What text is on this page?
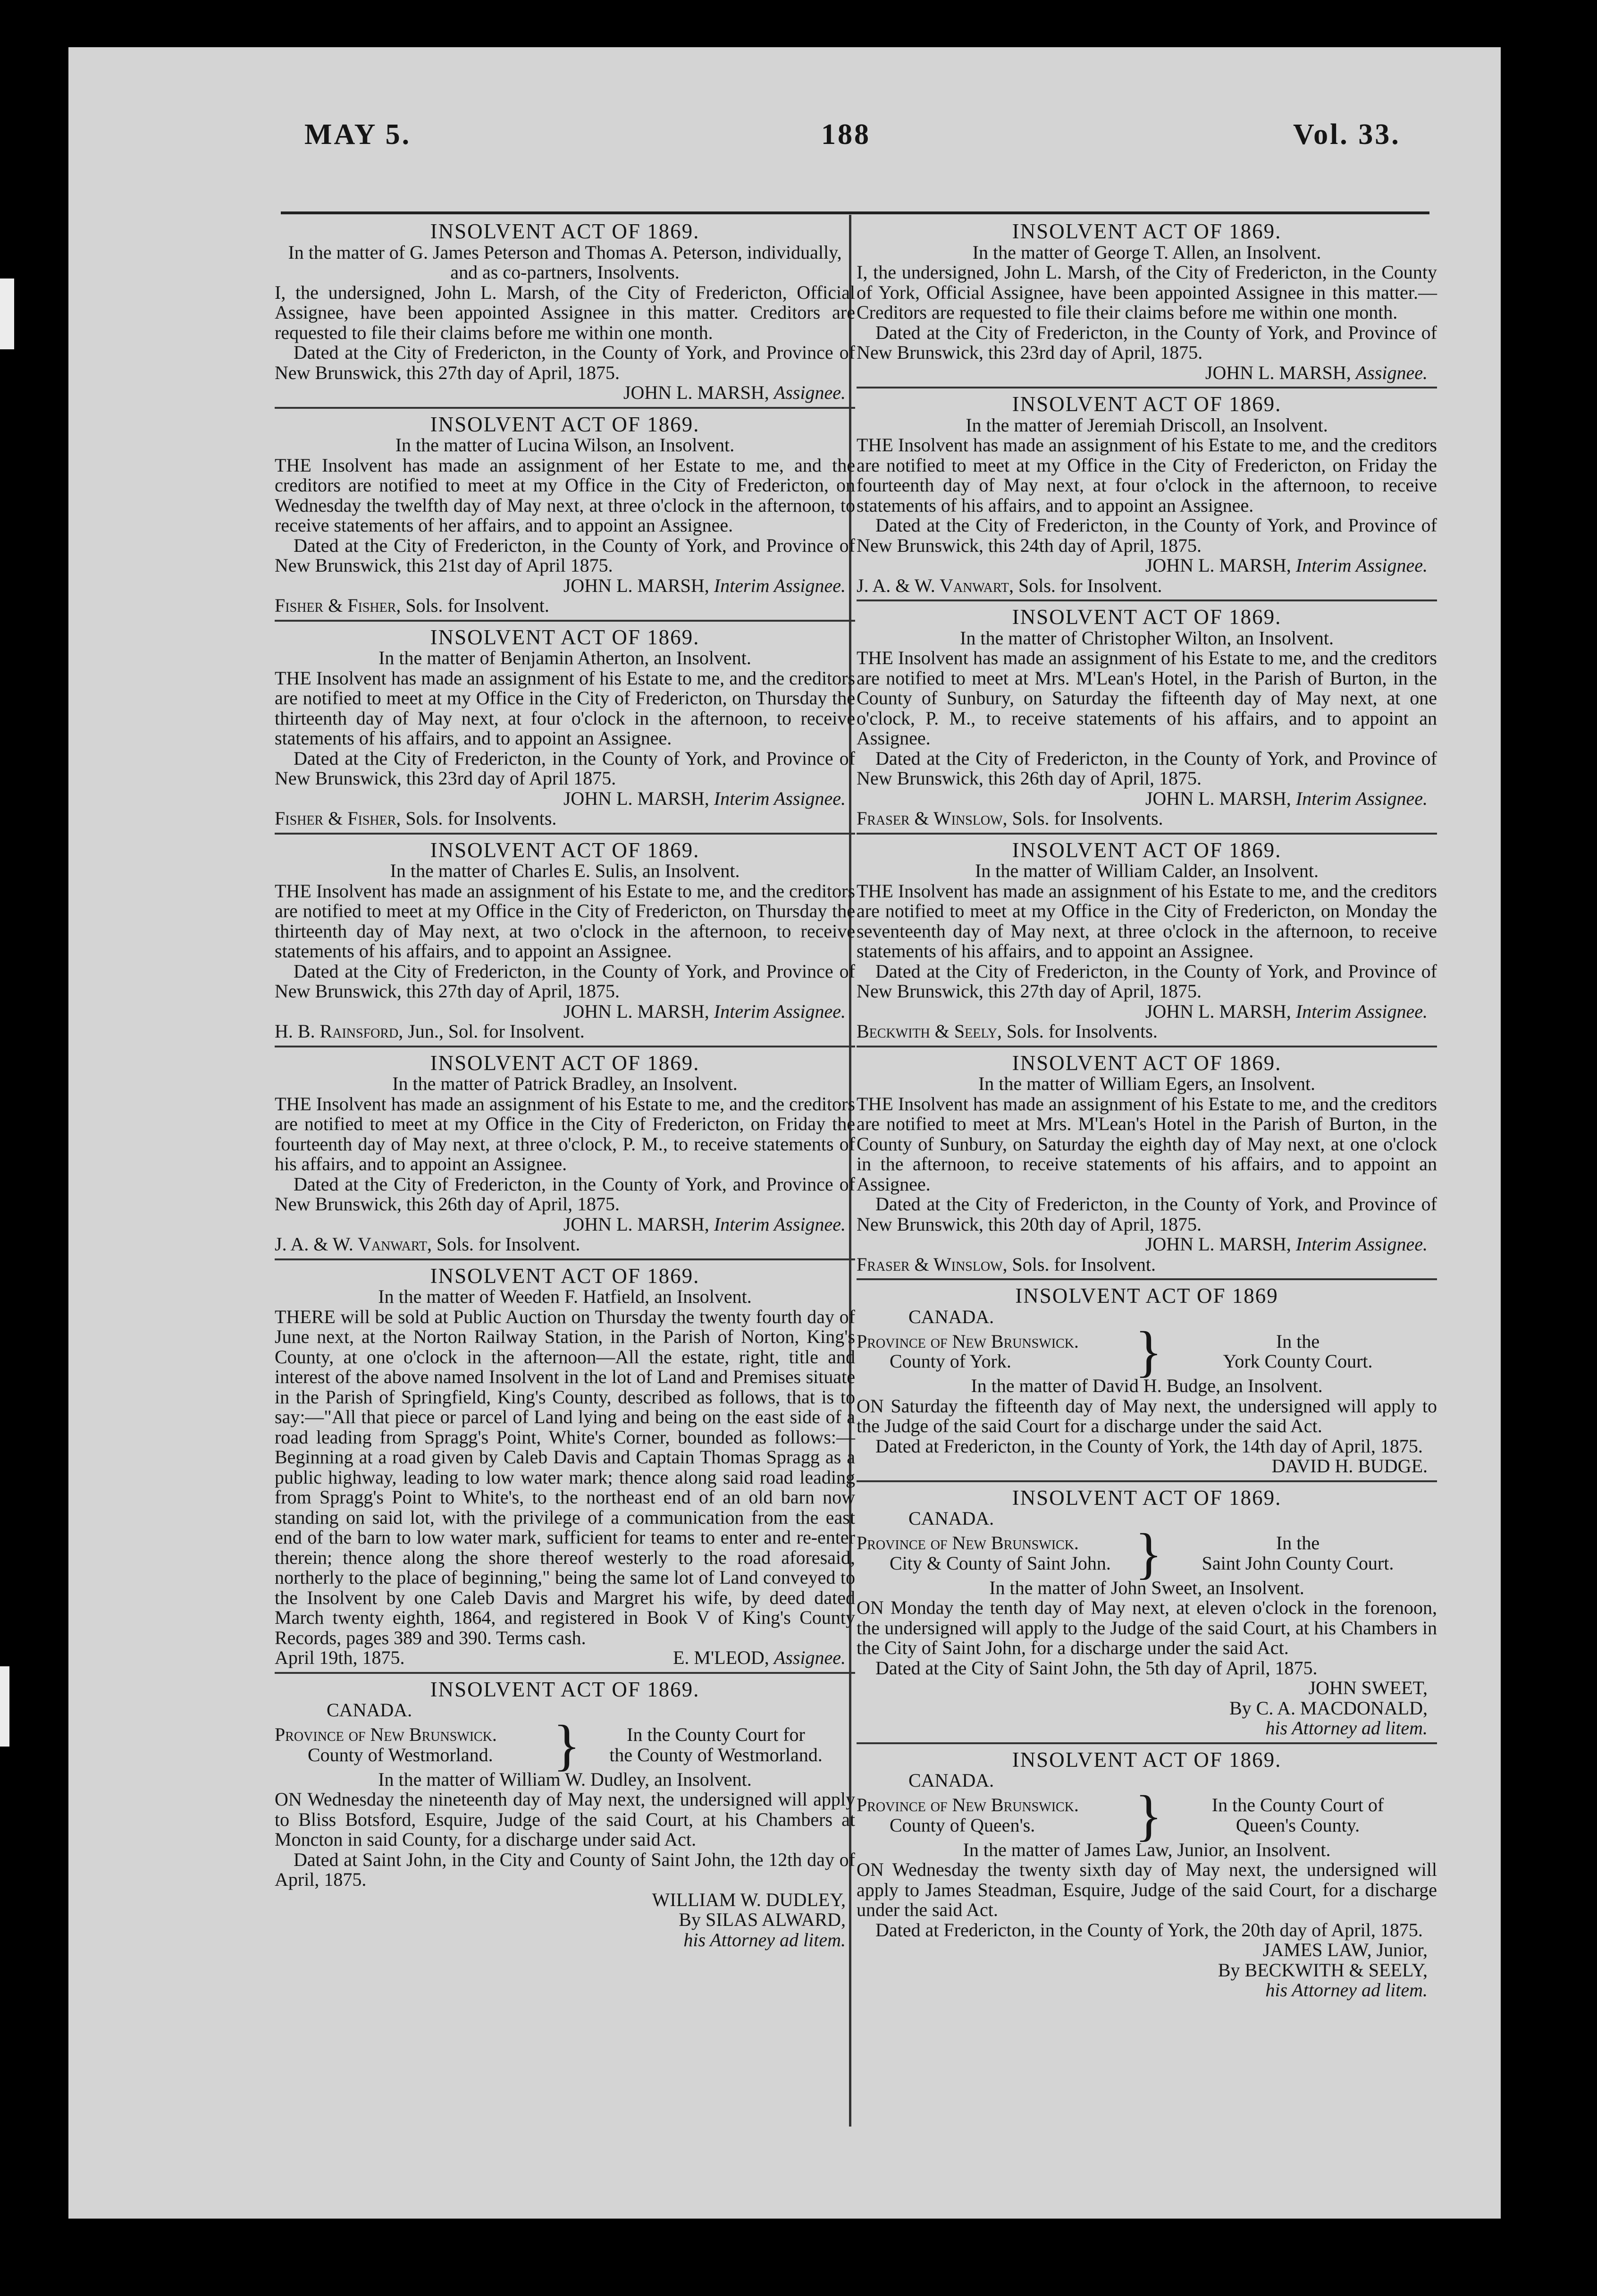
MAY 5.	188	Vol. 33.
INSOLVENT ACT OF 1869.
In the matter of G. James Peterson and Thomas A. Peterson, individually, and as co-partners, Insolvents.

I, the undersigned, John L. Marsh, of the City of Fredericton, Official Assignee, have been appointed Assignee in this matter. Creditors are requested to file their claims before me within one month.

Dated at the City of Fredericton, in the County of York, and Province of New Brunswick, this 27th day of April, 1875.

JOHN L. MARSH, Assignee.
INSOLVENT ACT OF 1869.
In the matter of Lucina Wilson, an Insolvent.

THE Insolvent has made an assignment of her Estate to me, and the creditors are notified to meet at my Office in the City of Fredericton, on Wednesday the twelfth day of May next, at three o'clock in the afternoon, to receive statements of her affairs, and to appoint an Assignee.

Dated at the City of Fredericton, in the County of York, and Province of New Brunswick, this 21st day of April 1875.

JOHN L. MARSH, Interim Assignee.
Fisher & Fisher, Sols. for Insolvent.
INSOLVENT ACT OF 1869.
In the matter of Benjamin Atherton, an Insolvent.

THE Insolvent has made an assignment of his Estate to me, and the creditors are notified to meet at my Office in the City of Fredericton, on Thursday the thirteenth day of May next, at four o'clock in the afternoon, to receive statements of his affairs, and to appoint an Assignee.

Dated at the City of Fredericton, in the County of York, and Province of New Brunswick, this 23rd day of April 1875.

JOHN L. MARSH, Interim Assignee.
Fisher & Fisher, Sols. for Insolvents.
INSOLVENT ACT OF 1869.
In the matter of Charles E. Sulis, an Insolvent.

THE Insolvent has made an assignment of his Estate to me, and the creditors are notified to meet at my Office in the City of Fredericton, on Thursday the thirteenth day of May next, at two o'clock in the afternoon, to receive statements of his affairs, and to appoint an Assignee.

Dated at the City of Fredericton, in the County of York, and Province of New Brunswick, this 27th day of April, 1875.

JOHN L. MARSH, Interim Assignee.
H. B. Rainsford, Jun., Sol. for Insolvent.
INSOLVENT ACT OF 1869.
In the matter of Patrick Bradley, an Insolvent.

THE Insolvent has made an assignment of his Estate to me, and the creditors are notified to meet at my Office in the City of Fredericton, on Friday the fourteenth day of May next, at three o'clock, P. M., to receive statements of his affairs, and to appoint an Assignee.

Dated at the City of Fredericton, in the County of York, and Province of New Brunswick, this 26th day of April, 1875.

JOHN L. MARSH, Interim Assignee.
J. A. & W. Vanwart, Sols. for Insolvent.
INSOLVENT ACT OF 1869.
In the matter of Weeden F. Hatfield, an Insolvent.

THERE will be sold at Public Auction on Thursday the twenty fourth day of June next, at the Norton Railway Station, in the Parish of Norton, King's County, at one o'clock in the afternoon—All the estate, right, title and interest of the above named Insolvent in the lot of Land and Premises situate in the Parish of Springfield, King's County, described as follows, that is to say:—"All that piece or parcel of Land lying and being on the east side of a road leading from Spragg's Point, White's Corner, bounded as follows:—Beginning at a road given by Caleb Davis and Captain Thomas Spragg as a public highway, leading to low water mark; thence along said road leading from Spragg's Point to White's, to the northeast end of an old barn now standing on said lot, with the privilege of a communication from the east end of the barn to low water mark, sufficient for teams to enter and re-enter therein; thence along the shore thereof westerly to the road aforesaid, northerly to the place of beginning," being the same lot of Land conveyed to the Insolvent by one Caleb Davis and Margret his wife, by deed dated March twenty eighth, 1864, and registered in Book V of King's County Records, pages 389 and 390. Terms cash.

April 19th, 1875.	E. M'LEOD, Assignee.
INSOLVENT ACT OF 1869.
CANADA.
Province of New Brunswick.
County of Westmorland.	}	In the County Court for
the County of Westmorland.
In the matter of William W. Dudley, an Insolvent.

ON Wednesday the nineteenth day of May next, the undersigned will apply to Bliss Botsford, Esquire, Judge of the said Court, at his Chambers at Moncton in said County, for a discharge under said Act.

Dated at Saint John, in the City and County of Saint John, the 12th day of April, 1875.

WILLIAM W. DUDLEY,
By SILAS ALWARD,
his Attorney ad litem.
INSOLVENT ACT OF 1869.
In the matter of George T. Allen, an Insolvent.

I, the undersigned, John L. Marsh, of the City of Fredericton, in the County of York, Official Assignee, have been appointed Assignee in this matter.—Creditors are requested to file their claims before me within one month.

Dated at the City of Fredericton, in the County of York, and Province of New Brunswick, this 23rd day of April, 1875.

JOHN L. MARSH, Assignee.
INSOLVENT ACT OF 1869.
In the matter of Jeremiah Driscoll, an Insolvent.

THE Insolvent has made an assignment of his Estate to me, and the creditors are notified to meet at my Office in the City of Fredericton, on Friday the fourteenth day of May next, at four o'clock in the afternoon, to receive statements of his affairs, and to appoint an Assignee.

Dated at the City of Fredericton, in the County of York, and Province of New Brunswick, this 24th day of April, 1875.

JOHN L. MARSH, Interim Assignee.
J. A. & W. Vanwart, Sols. for Insolvent.
INSOLVENT ACT OF 1869.
In the matter of Christopher Wilton, an Insolvent.

THE Insolvent has made an assignment of his Estate to me, and the creditors are notified to meet at Mrs. M'Lean's Hotel, in the Parish of Burton, in the County of Sunbury, on Saturday the fifteenth day of May next, at one o'clock, P. M., to receive statements of his affairs, and to appoint an Assignee.

Dated at the City of Fredericton, in the County of York, and Province of New Brunswick, this 26th day of April, 1875.

JOHN L. MARSH, Interim Assignee.
Fraser & Winslow, Sols. for Insolvents.
INSOLVENT ACT OF 1869.
In the matter of William Calder, an Insolvent.

THE Insolvent has made an assignment of his Estate to me, and the creditors are notified to meet at my Office in the City of Fredericton, on Monday the seventeenth day of May next, at three o'clock in the afternoon, to receive statements of his affairs, and to appoint an Assignee.

Dated at the City of Fredericton, in the County of York, and Province of New Brunswick, this 27th day of April, 1875.

JOHN L. MARSH, Interim Assignee.
Beckwith & Seely, Sols. for Insolvents.
INSOLVENT ACT OF 1869.
In the matter of William Egers, an Insolvent.

THE Insolvent has made an assignment of his Estate to me, and the creditors are notified to meet at Mrs. M'Lean's Hotel in the Parish of Burton, in the County of Sunbury, on Saturday the eighth day of May next, at one o'clock in the afternoon, to receive statements of his affairs, and to appoint an Assignee.

Dated at the City of Fredericton, in the County of York, and Province of New Brunswick, this 20th day of April, 1875.

JOHN L. MARSH, Interim Assignee.
Fraser & Winslow, Sols. for Insolvent.
INSOLVENT ACT OF 1869
CANADA.
Province of New Brunswick.
County of York.	}	In the
York County Court.
In the matter of David H. Budge, an Insolvent.

ON Saturday the fifteenth day of May next, the undersigned will apply to the Judge of the said Court for a discharge under the said Act.

Dated at Fredericton, in the County of York, the 14th day of April, 1875.

DAVID H. BUDGE.
INSOLVENT ACT OF 1869.
CANADA.
Province of New Brunswick.
City & County of Saint John. }	In the
Saint John County Court.
In the matter of John Sweet, an Insolvent.

ON Monday the tenth day of May next, at eleven o'clock in the forenoon, the undersigned will apply to the Judge of the said Court, at his Chambers in the City of Saint John, for a discharge under the said Act.

Dated at the City of Saint John, the 5th day of April, 1875.

JOHN SWEET,
By C. A. MACDONALD,
his Attorney ad litem.
INSOLVENT ACT OF 1869.
CANADA.
Province of New Brunswick.
County of Queen's.	}	In the County Court of
Queen's County.
In the matter of James Law, Junior, an Insolvent.

ON Wednesday the twenty sixth day of May next, the undersigned will apply to James Steadman, Esquire, Judge of the said Court, for a discharge under the said Act.

Dated at Fredericton, in the County of York, the 20th day of April, 1875.

JAMES LAW, Junior,
By BECKWITH & SEELY,
his Attorney ad litem.
